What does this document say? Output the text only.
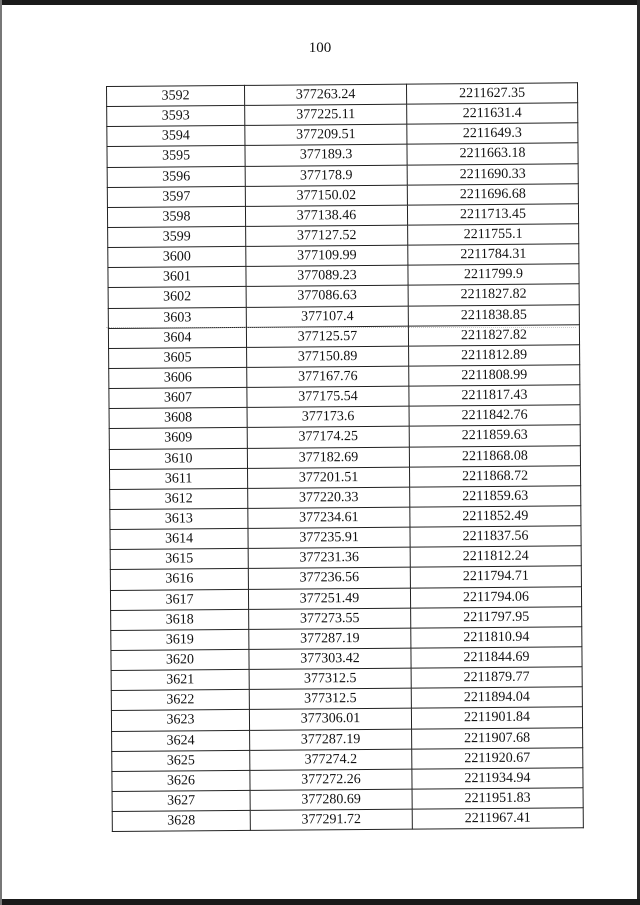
100
3592	377263.24	2211627.35
3593	377225.11	2211631.4
3594	377209.51	2211649.3
3595	377189.3	2211663.18
3596	377178.9	2211690.33
3597	377150.02	2211696.68
3598	377138.46	2211713.45
3599	377127.52	2211755.1
3600	377109.99	2211784.31
3601	377089.23	2211799.9
3602	377086.63	2211827.82
3603	377107.4	2211838.85
3604	377125.57	2211827.82
3605	377150.89	2211812.89
3606	377167.76	2211808.99
3607	377175.54	2211817.43
3608	377173.6	2211842.76
3609	377174.25	2211859.63
3610	377182.69	2211868.08
3611	377201.51	2211868.72
3612	377220.33	2211859.63
3613	377234.61	2211852.49
3614	377235.91	2211837.56
3615	377231.36	2211812.24
3616	377236.56	2211794.71
3617	377251.49	2211794.06
3618	377273.55	2211797.95
3619	377287.19	2211810.94
3620	377303.42	2211844.69
3621	377312.5	2211879.77
3622	377312.5	2211894.04
3623	377306.01	2211901.84
3624	377287.19	2211907.68
3625	377274.2	2211920.67
3626	377272.26	2211934.94
3627	377280.69	2211951.83
3628	377291.72	2211967.41
